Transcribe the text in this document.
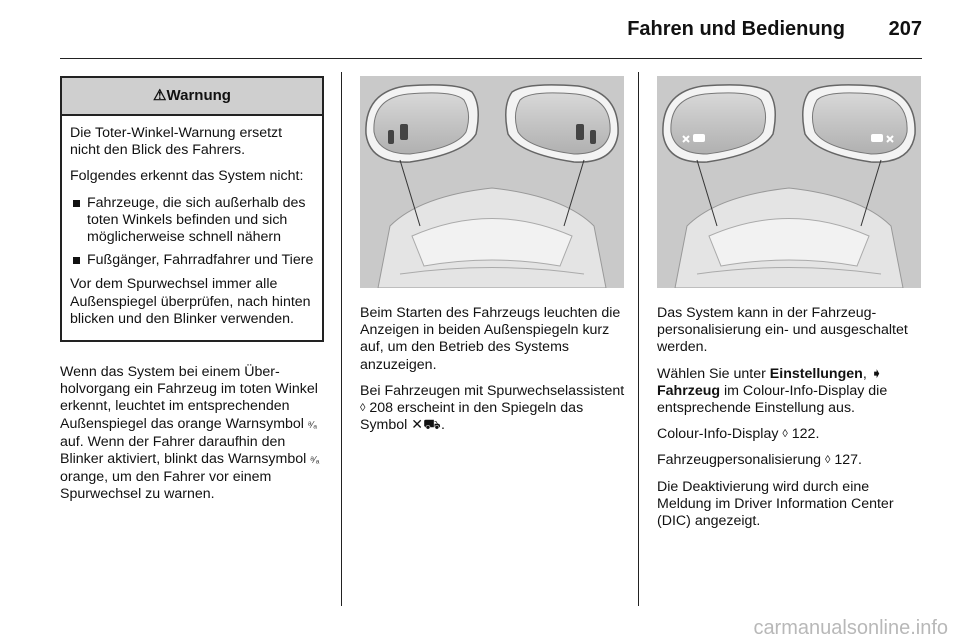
Fahren und Bedienung 207
⚠Warnung

Die Toter-Winkel-Warnung ersetzt nicht den Blick des Fahrers.

Folgendes erkennt das System nicht:

Fahrzeuge, die sich außerhalb des toten Winkels befinden und sich möglicherweise schnell nähern
Fußgänger, Fahrradfahrer und Tiere

Vor dem Spurwechsel immer alle Außenspiegel überprüfen, nach hinten blicken und den Blinker verwenden.

Wenn das System bei einem Überholvorgang ein Fahrzeug im toten Winkel erkennt, leuchtet im entsprechenden Außenspiegel das orange Warnsymbol ᵃ⁄ₐ auf. Wenn der Fahrer daraufhin den Blinker aktiviert, blinkt das Warnsymbol ᵃ⁄ₐ orange, um den Fahrer vor einem Spurwechsel zu warnen.

Beim Starten des Fahrzeugs leuchten die Anzeigen in beiden Außenspiegeln kurz auf, um den Betrieb des Systems anzuzeigen.

Bei Fahrzeugen mit Spurwechselassistent ◊ 208 erscheint in den Spiegeln das Symbol ✕⛟.

Das System kann in der Fahrzeugpersonalisierung ein- und ausgeschaltet werden.

Wählen Sie unter Einstellungen, ➧ Fahrzeug im Colour-Info-Display die entsprechende Einstellung aus.

Colour-Info-Display ◊ 122.

Fahrzeugpersonalisierung ◊ 127.

Die Deaktivierung wird durch eine Meldung im Driver Information Center (DIC) angezeigt.

carmanualsonline.info
